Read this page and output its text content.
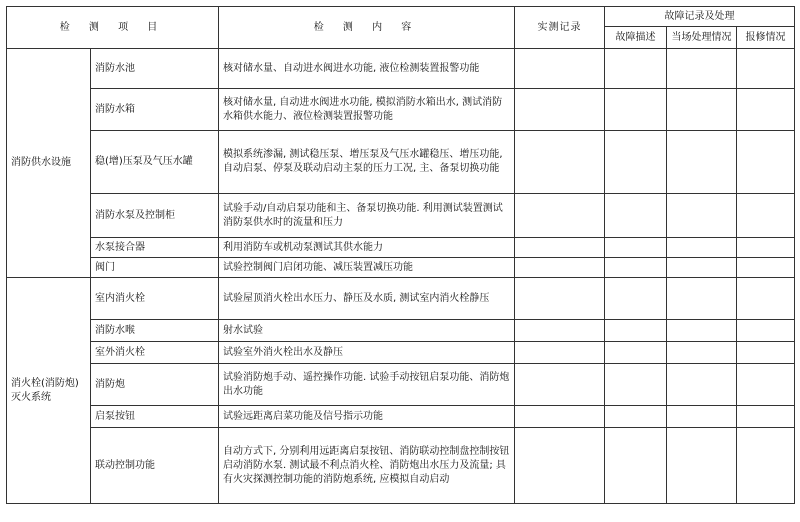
检 测 项 目		检 测 内 容	实测记录	故障记录及处理		
				故障描述	当场处理情况	报修情况
消防供水设施	消防水池	核对储水量、自动进水阀进水功能, 液位检测装置报警功能				
	消防水箱	核对储水量, 自动进水阀进水功能, 模拟消防水箱出水, 测试消防水箱供水能力、液位检测装置报警功能				
	稳(增)压泵及气压水罐	模拟系统渗漏, 测试稳压泵、增压泵及气压水罐稳压、增压功能, 自动启泵、停泵及联动启动主泵的压力工况, 主、备泵切换功能				
	消防水泵及控制柜	试验手动/自动启泵功能和主、备泵切换功能. 利用测试装置测试消防泵供水时的流量和压力				
	水泵接合器	利用消防车或机动泵测试其供水能力				
	阀门	试验控制阀门启闭功能、减压装置减压功能				
消火栓(消防炮)灭火系统	室内消火栓	试验屋顶消火栓出水压力、静压及水质, 测试室内消火栓静压				
	消防水喉	射水试验				
	室外消火栓	试验室外消火栓出水及静压				
	消防炮	试验消防炮手动、遥控操作功能. 试验手动按钮启泵功能、消防炮出水功能				
	启泵按钮	试验远距离启菜功能及信号指示功能				
	联动控制功能	自动方式下, 分别利用远距离启泵按钮、消防联动控制盘控制按钮启动消防水泵. 测试最不利点消火栓、消防炮出水压力及流量; 具有火灾探测控制功能的消防炮系统, 应模拟自动启动				
